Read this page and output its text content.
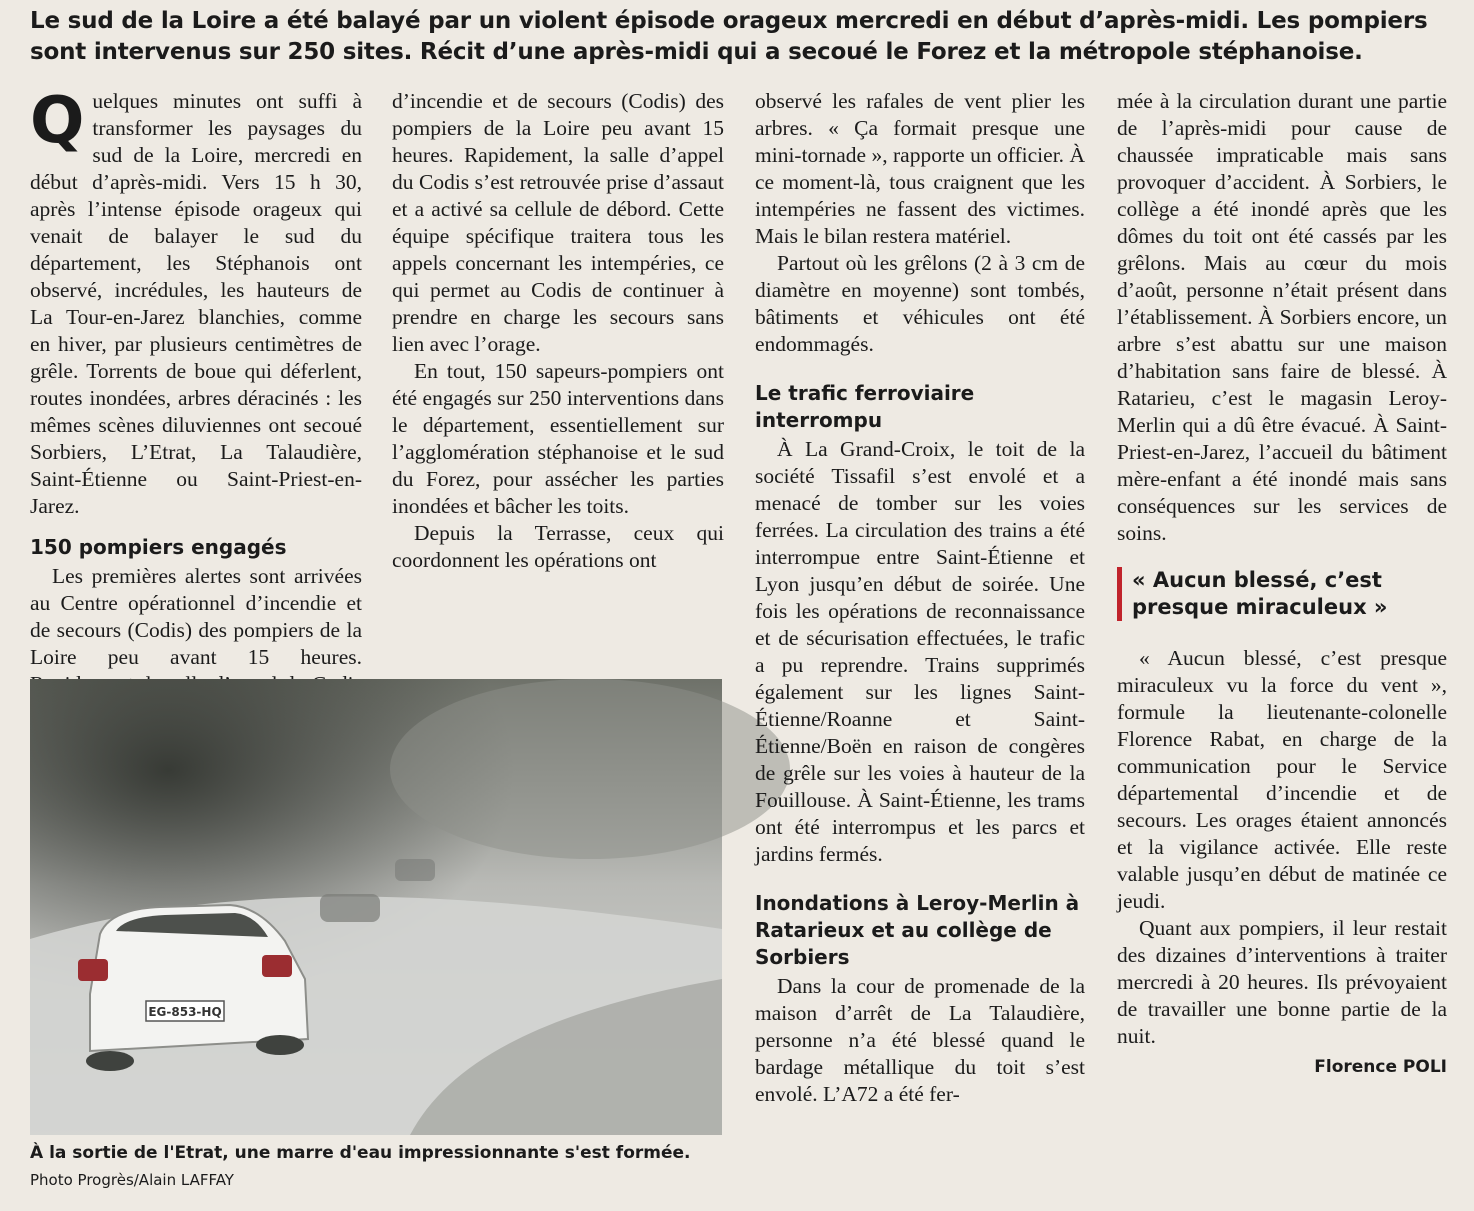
Le sud de la Loire a été balayé par un violent épisode orageux mercredi en début d’après-midi. Les pompiers sont intervenus sur 250 sites. Récit d’une après-midi qui a secoué le Forez et la métropole stéphanoise.

Quelques minutes ont suffi à transformer les paysages du sud de la Loire, mercredi en début d’après-midi. Vers 15 h 30, après l’intense épisode orageux qui venait de balayer le sud du département, les Stéphanois ont observé, incrédules, les hauteurs de La Tour-en-Jarez blanchies, comme en hiver, par plusieurs centimètres de grêle. Torrents de boue qui déferlent, routes inondées, arbres déracinés : les mêmes scènes diluviennes ont secoué Sorbiers, L’Etrat, La Talaudière, Saint-Étienne ou Saint-Priest-en-Jarez.

150 pompiers engagés

Les premières alertes sont arrivées au Centre opérationnel d’incendie et de secours (Codis) des pompiers de la Loire peu avant 15 heures.

d’incendie et de secours (Codis) des pompiers de la Loire peu avant 15 heures. Rapidement, la salle d’appel du Codis s’est retrouvée prise d’assaut et a activé sa cellule de débord. Cette équipe spécifique traitera tous les appels concernant les intempéries, ce qui permet au Codis de continuer à prendre en charge les secours sans lien avec l’orage.

En tout, 150 sapeurs-pompiers ont été engagés sur 250 interventions dans le département, essentiellement sur l’agglomération stéphanoise et le sud du Forez, pour assécher les parties inondées et bâcher les toits.

Depuis la Terrasse, ceux qui coordonnent les opérations ont

EG-853-HQ
À la sortie de l'Etrat, une marre d'eau impressionnante s'est formée.
Photo Progrès/Alain LAFFAY

observé les rafales de vent plier les arbres. « Ça formait presque une mini-tornade », rapporte un officier. À ce moment-là, tous craignent que les intempéries ne fassent des victimes. Mais le bilan restera matériel.

Partout où les grêlons (2 à 3 cm de diamètre en moyenne) sont tombés, bâtiments et véhicules ont été endommagés.

Le trafic ferroviaire interrompu

À La Grand-Croix, le toit de la société Tissafil s’est envolé et a menacé de tomber sur les voies ferrées. La circulation des trains a été interrompue entre Saint-Étienne et Lyon jusqu’en début de soirée. Une fois les opérations de reconnaissance et de sécurisation effectuées, le trafic a pu reprendre. Trains supprimés également sur les lignes Saint-Étienne/Roanne et Saint-Étienne/Boën en raison de congères de grêle sur les voies à hauteur de la Fouillouse. À Saint-Étienne, les trams ont été interrompus et les parcs et jardins fermés.

Inondations à Leroy-Merlin à Ratarieux et au collège de Sorbiers

Dans la cour de promenade de la maison d’arrêt de La Talaudière, personne n’a été blessé quand le bardage métallique du toit s’est envolé. L’A72 a été fer-

mée à la circulation durant une partie de l’après-midi pour cause de chaussée impraticable mais sans provoquer d’accident. À Sorbiers, le collège a été inondé après que les dômes du toit ont été cassés par les grêlons. Mais au cœur du mois d’août, personne n’était présent dans l’établissement. À Sorbiers encore, un arbre s’est abattu sur une maison d’habitation sans faire de blessé. À Ratarieu, c’est le magasin Leroy-Merlin qui a dû être évacué. À Saint-Priest-en-Jarez, l’accueil du bâtiment mère-enfant a été inondé mais sans conséquences sur les services de soins.

« Aucun blessé, c’est presque miraculeux »

« Aucun blessé, c’est presque miraculeux vu la force du vent », formule la lieutenante-colonelle Florence Rabat, en charge de la communication pour le Service départemental d’incendie et de secours. Les orages étaient annoncés et la vigilance activée. Elle reste valable jusqu’en début de matinée ce jeudi.

Quant aux pompiers, il leur restait des dizaines d’interventions à traiter mercredi à 20 heures. Ils prévoyaient de travailler une bonne partie de la nuit.

Florence POLI
